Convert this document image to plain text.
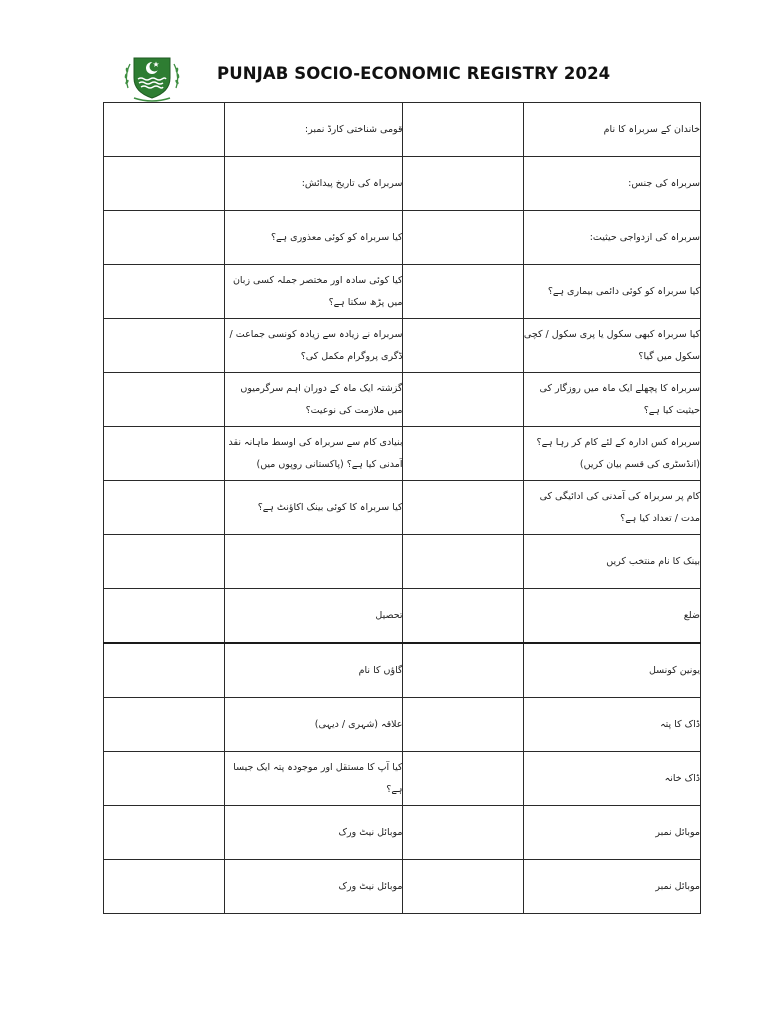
PUNJAB SOCIO-ECONOMIC REGISTRY 2024
	قومی شناختی کارڈ نمبر:		خاندان کے سربراہ کا نام
	سربراہ کی تاریخ پیدائش:		سربراہ کی جنس:
	کیا سربراہ کو کوئی معذوری ہے؟		سربراہ کی ازدواجی حیثیت:
	کیا کوئی سادہ اور مختصر جملہ کسی زبان میں پڑھ سکتا ہے؟		کیا سربراہ کو کوئی دائمی بیماری ہے؟
	سربراہ نے زیادہ سے زیادہ کونسی جماعت / ڈگری پروگرام مکمل کی؟		کیا سربراہ کبھی سکول یا پری سکول / کچی سکول میں گیا؟
	گزشتہ ایک ماہ کے دوران اہم سرگرمیوں میں ملازمت کی نوعیت؟		سربراہ کا پچھلے ایک ماہ میں روزگار کی حیثیت کیا ہے؟
	بنیادی کام سے سربراہ کی اوسط ماہانہ نقد آمدنی کیا ہے؟ (پاکستانی روپوں میں)		سربراہ کس ادارہ کے لئے کام کر رہا ہے؟ (انڈسٹری کی قسم بیان کریں)
	کیا سربراہ کا کوئی بینک اکاؤنٹ ہے؟		کام پر سربراہ کی آمدنی کی ادائیگی کی مدت / تعداد کیا ہے؟
			بینک کا نام منتخب کریں
	تحصیل		ضلع
	گاؤں کا نام		یونین کونسل
	علاقہ (شہری / دیہی)		ڈاک کا پتہ
	کیا آپ کا مستقل اور موجودہ پتہ ایک جیسا ہے؟		ڈاک خانہ
	موبائل نیٹ ورک		موبائل نمبر
	موبائل نیٹ ورک		موبائل نمبر
